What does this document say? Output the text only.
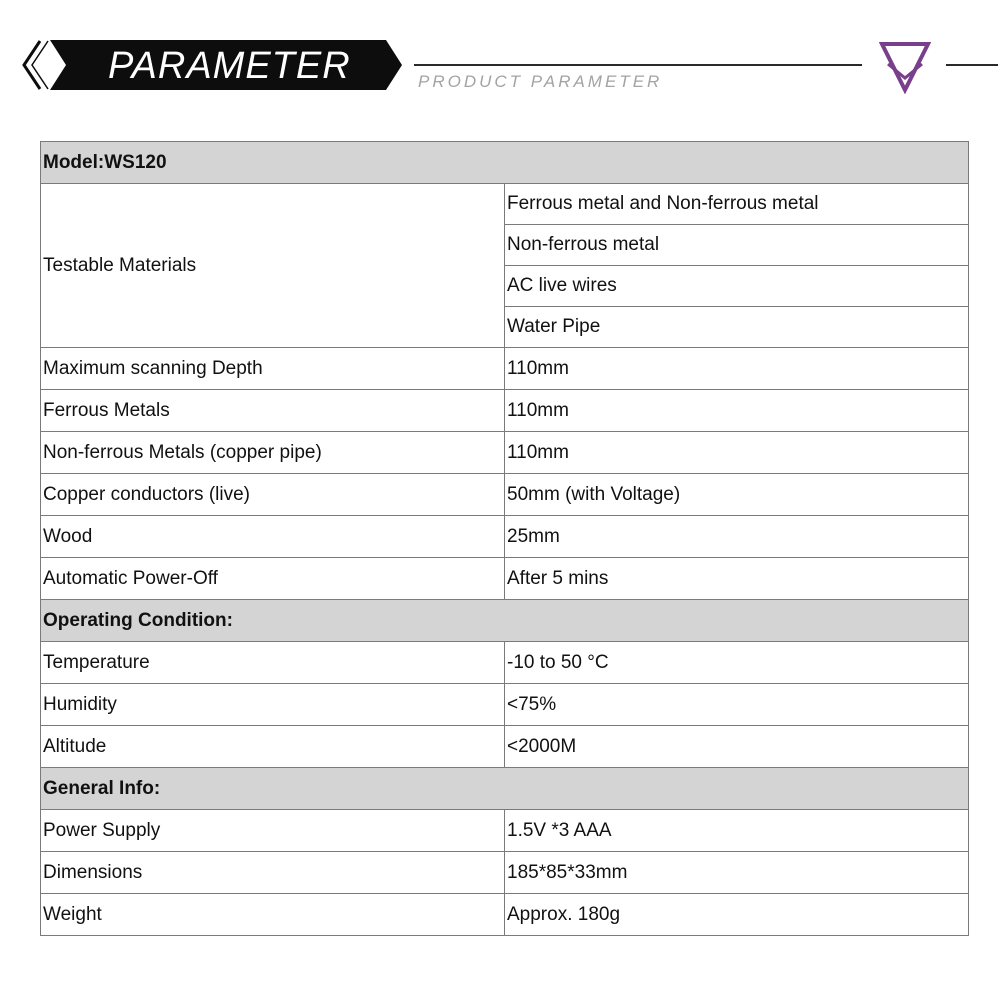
PARAMETER	PRODUCT PARAMETER
Model:WS120	
Testable Materials	Ferrous metal and Non-ferrous metal
	Non-ferrous metal
	AC live wires
	Water Pipe
Maximum scanning Depth	110mm
Ferrous Metals	110mm
Non-ferrous Metals (copper pipe)	110mm
Copper conductors (live)	50mm (with Voltage)
Wood	25mm
Automatic Power-Off	After 5 mins
Operating Condition:	
Temperature	-10 to 50 °C
Humidity	<75%
Altitude	<2000M
General Info:	
Power Supply	1.5V *3 AAA
Dimensions	185*85*33mm
Weight	Approx. 180g
